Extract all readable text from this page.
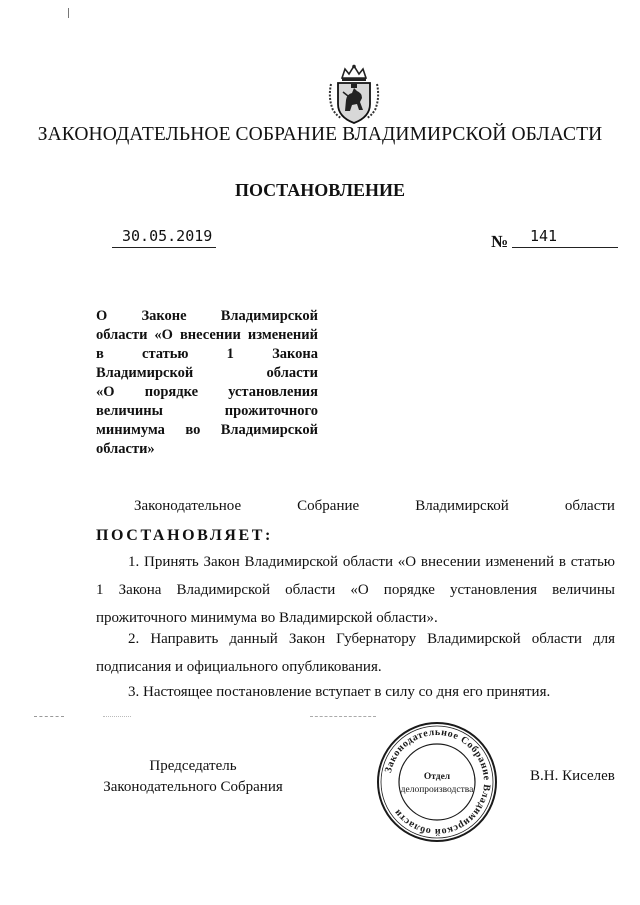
ЗАКОНОДАТЕЛЬНОЕ СОБРАНИЕ ВЛАДИМИРСКОЙ ОБЛАСТИ
ПОСТАНОВЛЕНИЕ
30.05.2019	№ 141
О Законе Владимирской
области «О внесении изменений
в статью 1 Закона
Владимирской области
«О порядке установления
величины прожиточного
минимума во Владимирской
области»
Законодательное	Собрание	Владимирской	области
ПОСТАНОВЛЯЕТ:
1. Принять Закон Владимирской области «О внесении изменений в статью 1 Закона Владимирской области «О порядке установления величины прожиточного минимума во Владимирской области».
2. Направить данный Закон Губернатору Владимирской области для подписания и официального опубликования.
3. Настоящее постановление вступает в силу со дня его принятия.
Председатель
Законодательного Собрания
Законодательное Собрание Владимирской области
Отдел
делопроизводства
В.Н. Киселев
